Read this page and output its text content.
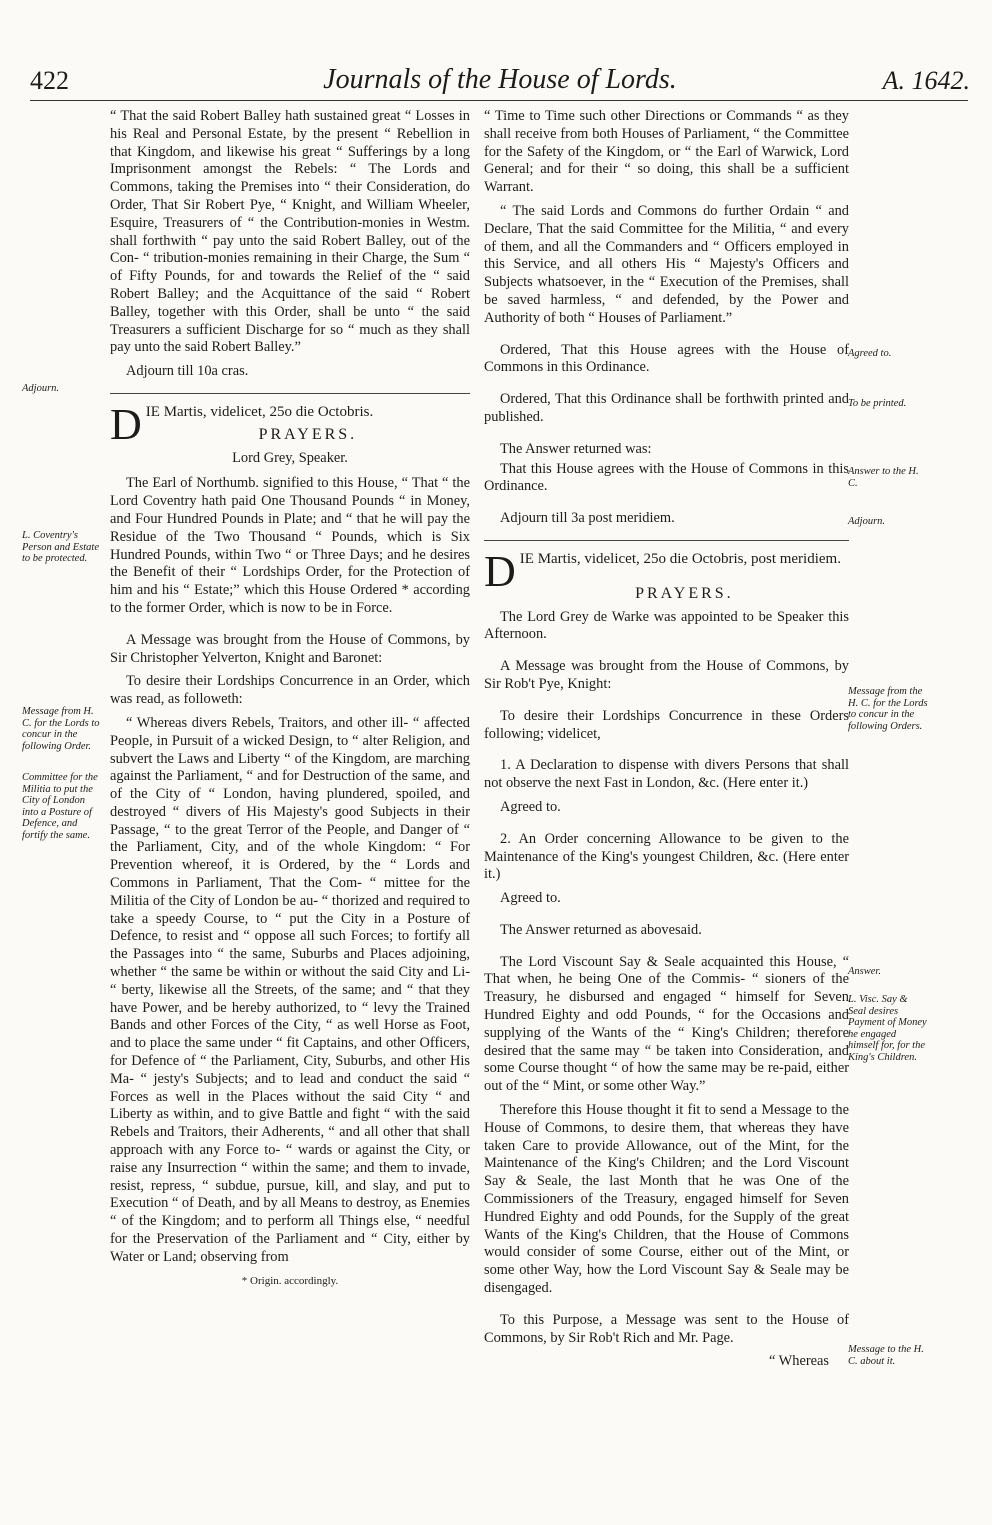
422	Journals of the House of Lords.	A. 1642.
Adjourn.
L. Coventry's Person and Estate to be protected.
Message from H. C. for the Lords to concur in the following Order.
Committee for the Militia to put the City of London into a Posture of Defence, and fortify the same.

“ That the said Robert Balley hath sustained great “ Losses in his Real and Personal Estate, by the present “ Rebellion in that Kingdom, and likewise his great “ Sufferings by a long Imprisonment amongst the Rebels: “ The Lords and Commons, taking the Premises into “ their Consideration, do Order, That Sir Robert Pye, “ Knight, and William Wheeler, Esquire, Treasurers of “ the Contribution-monies in Westm. shall forthwith “ pay unto the said Robert Balley, out of the Con- “ tribution-monies remaining in their Charge, the Sum “ of Fifty Pounds, for and towards the Relief of the “ said Robert Balley; and the Acquittance of the said “ Robert Balley, together with this Order, shall be unto “ the said Treasurers a sufficient Discharge for so “ much as they shall pay unto the said Robert Balley.”

Adjourn till 10a cras.

D IE Martis, videlicet, 25o die Octobris.
PRAYERS.
Lord Grey, Speaker.

The Earl of Northumb. signified to this House, “ That “ the Lord Coventry hath paid One Thousand Pounds “ in Money, and Four Hundred Pounds in Plate; and “ that he will pay the Residue of the Two Thousand “ Pounds, which is Six Hundred Pounds, within Two “ or Three Days; and he desires the Benefit of their “ Lordships Order, for the Protection of him and his “ Estate;” which this House Ordered * according to the former Order, which is now to be in Force.

A Message was brought from the House of Commons, by Sir Christopher Yelverton, Knight and Baronet:

To desire their Lordships Concurrence in an Order, which was read, as followeth:

“ Whereas divers Rebels, Traitors, and other ill- “ affected People, in Pursuit of a wicked Design, to “ alter Religion, and subvert the Laws and Liberty “ of the Kingdom, are marching against the Parliament, “ and for Destruction of the same, and of the City of “ London, having plundered, spoiled, and destroyed “ divers of His Majesty's good Subjects in their Passage, “ to the great Terror of the People, and Danger of “ the Parliament, City, and of the whole Kingdom: “ For Prevention whereof, it is Ordered, by the “ Lords and Commons in Parliament, That the Com- “ mittee for the Militia of the City of London be au- “ thorized and required to take a speedy Course, to “ put the City in a Posture of Defence, to resist and “ oppose all such Forces; to fortify all the Passages into “ the same, Suburbs and Places adjoining, whether “ the same be within or without the said City and Li- “ berty, likewise all the Streets, of the same; and “ that they have Power, and be hereby authorized, to “ levy the Trained Bands and other Forces of the City, “ as well Horse as Foot, and to place the same under “ fit Captains, and other Officers, for Defence of “ the Parliament, City, Suburbs, and other His Ma- “ jesty's Subjects; and to lead and conduct the said “ Forces as well in the Places without the said City “ and Liberty as within, and to give Battle and fight “ with the said Rebels and Traitors, their Adherents, “ and all other that shall approach with any Force to- “ wards or against the City, or raise any Insurrection “ within the same; and them to invade, resist, repress, “ subdue, pursue, kill, and slay, and put to Execution “ of Death, and by all Means to destroy, as Enemies “ of the Kingdom; and to perform all Things else, “ needful for the Preservation of the Parliament and “ City, either by Water or Land; observing from

* Origin. accordingly.

“ Time to Time such other Directions or Commands “ as they shall receive from both Houses of Parliament, “ the Committee for the Safety of the Kingdom, or “ the Earl of Warwick, Lord General; and for their “ so doing, this shall be a sufficient Warrant.

“ The said Lords and Commons do further Ordain “ and Declare, That the said Committee for the Militia, “ and every of them, and all the Commanders and “ Officers employed in this Service, and all others His “ Majesty's Officers and Subjects whatsoever, in the “ Execution of the Premises, shall be saved harmless, “ and defended, by the Power and Authority of both “ Houses of Parliament.”

Ordered, That this House agrees with the House of Commons in this Ordinance.

Ordered, That this Ordinance shall be forthwith printed and published.

The Answer returned was:

That this House agrees with the House of Commons in this Ordinance.

Adjourn till 3a post meridiem.

D IE Martis, videlicet, 25o die Octobris, post meridiem.
PRAYERS.

The Lord Grey de Warke was appointed to be Speaker this Afternoon.

A Message was brought from the House of Commons, by Sir Rob't Pye, Knight:

To desire their Lordships Concurrence in these Orders following; videlicet,

1. A Declaration to dispense with divers Persons that shall not observe the next Fast in London, &c. (Here enter it.)

Agreed to.

2. An Order concerning Allowance to be given to the Maintenance of the King's youngest Children, &c. (Here enter it.)

Agreed to.

The Answer returned as abovesaid.

The Lord Viscount Say & Seale acquainted this House, “ That when, he being One of the Commis- “ sioners of the Treasury, he disbursed and engaged “ himself for Seven Hundred Eighty and odd Pounds, “ for the Occasions and supplying of the Wants of the “ King's Children; therefore desired that the same may “ be taken into Consideration, and some Course thought “ of how the same may be re-paid, either out of the “ Mint, or some other Way.”

Therefore this House thought it fit to send a Message to the House of Commons, to desire them, that whereas they have taken Care to provide Allowance, out of the Mint, for the Maintenance of the King's Children; and the Lord Viscount Say & Seale, the last Month that he was One of the Commissioners of the Treasury, engaged himself for Seven Hundred Eighty and odd Pounds, for the Supply of the great Wants of the King's Children, that the House of Commons would consider of some Course, either out of the Mint, or some other Way, how the Lord Viscount Say & Seale may be disengaged.

To this Purpose, a Message was sent to the House of Commons, by Sir Rob't Rich and Mr. Page.

“ Whereas
Agreed to.
To be printed.
Answer to the H. C.
Adjourn.
Message from the H. C. for the Lords to concur in the following Orders.
Answer.
L. Visc. Say & Seal desires Payment of Money he engaged himself for, for the King's Children.
Message to the H. C. about it.
